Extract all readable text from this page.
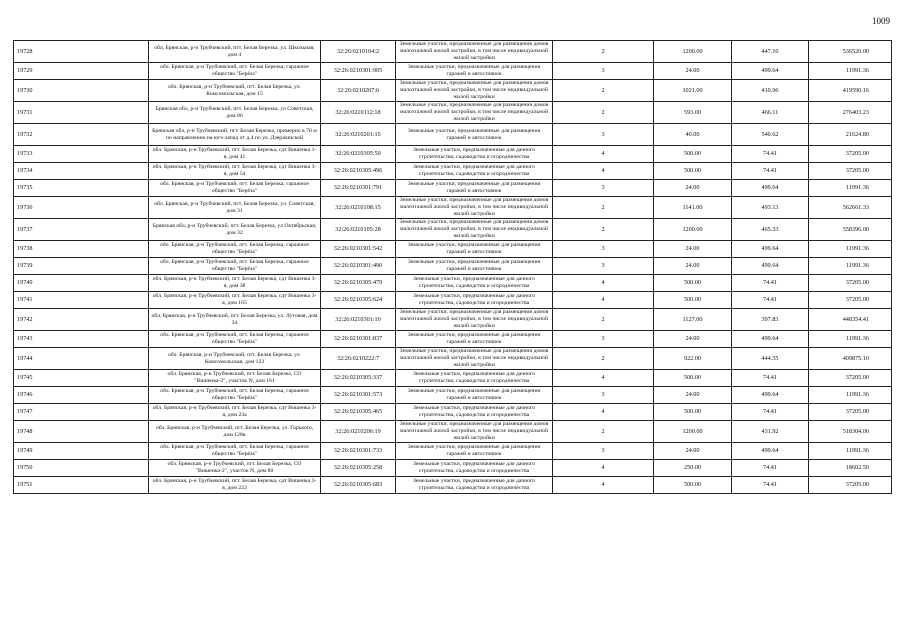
1009
19728	обл. Брянская, р-н Трубчевский, пгт. Белая Березка, ул. Школьная, дом 4	32:26:0210104:2	Земельные участки, предназначенные для размещения домов малоэтажной жилой застройки, в том числе индивидуальной жилой застройки	2	1200.00	447.10	536520.00
19729	обл. Брянская, р-н Трубчевский, пгт. Белая Березка, гаражное общество "Берёза"	32:26:0210301:905	Земельные участки, предназначенные для размещения гаражей и автостоянок	3	24.00	499.64	11991.36
19730	обл. Брянская, р-н Трубчевский, пгт. Белая Березка, ул. Комсомольская, дом 15	32:26:0210207:6	Земельные участки, предназначенные для размещения домов малоэтажной жилой застройки, в том числе индивидуальной жилой застройки	2	1021.00	410.96	419590.16
19731	Брянская обл, р-н Трубчевский, пгт. Белая Березка, ул Советская, дом 86	32:26:0210112:18	Земельные участки, предназначенные для размещения домов малоэтажной жилой застройки, в том числе индивидуальной жилой застройки	2	593.00	466.11	276403.23
19732	Брянская обл, р-н Трубчевский, пгт. Белая Березка, примерно в 70 м по направлению на юго-запад от д.4 по ул. Дзержинской	32:26:0210201:15	Земельные участки, предназначенные для размещения гаражей и автостоянок	3	40.00	540.62	21624.80
19733	обл. Брянская, р-н Трубчевский, пгт. Белая Березка, сдт Вишенка 1-я, дом 41	32:26:0210305:50	Земельные участки, предназначенные для дачного строительства, садоводства и огородничества	4	500.00	74.41	37205.00
19734	обл. Брянская, р-н Трубчевский, пгт. Белая Березка, сдт Вишенка 3-я, дом 54	32:26:0210305:496	Земельные участки, предназначенные для дачного строительства, садоводства и огородничества	4	500.00	74.41	37205.00
19735	обл. Брянская, р-н Трубчевский, пгт. Белая Березка, гаражное общество "Берёза"	32:26:0210301:791	Земельные участки, предназначенные для размещения гаражей и автостоянок	3	24.00	499.64	11991.36
19736	обл. Брянская, р-н Трубчевский, пгт. Белая Березка, ул. Советская, дом 31	32:26:0210108:15	Земельные участки, предназначенные для размещения домов малоэтажной жилой застройки, в том числе индивидуальной жилой застройки	2	1141.00	493.13	562661.33
19737	Брянская обл, р-н Трубчевский, пгт. Белая Березка, ул Октябрьская, дом 32	32:26:0210105:28	Земельные участки, предназначенные для размещения домов малоэтажной жилой застройки, в том числе индивидуальной жилой застройки	2	1200.00	465.33	558396.00
19738	обл. Брянская, р-н Трубчевский, пгт. Белая Березка, гаражное общество "Берёза"	32:26:0210301:542	Земельные участки, предназначенные для размещения гаражей и автостоянок	3	24.00	499.64	11991.36
19739	обл. Брянская, р-н Трубчевский, пгт. Белая Березка, гаражное общество "Берёза"	32:26:0210301:490	Земельные участки, предназначенные для размещения гаражей и автостоянок	3	24.00	499.64	11991.36
19740	обл. Брянская, р-н Трубчевский, пгт. Белая Березка, сдт Вишенка 3-я, дом 38	32:26:0210305:479	Земельные участки, предназначенные для дачного строительства, садоводства и огородничества	4	500.00	74.41	37205.00
19741	обл. Брянская, р-н Трубчевский, пгт. Белая Березка, сдт Вишенка 3-я, дом 165	32:26:0210305:624	Земельные участки, предназначенные для дачного строительства, садоводства и огородничества	4	500.00	74.41	37205.00
19742	обл. Брянская, р-н Трубчевский, пгт. Белая Березка, ул. Лутовая, дом 34	32:26:0210301:10	Земельные участки, предназначенные для размещения домов малоэтажной жилой застройки, в том числе индивидуальной жилой застройки	2	1127.00	397.83	448354.41
19743	обл. Брянская, р-н Трубчевский, пгт. Белая Березка, гаражное общество "Берёза"	32:26:0210301:837	Земельные участки, предназначенные для размещения гаражей и автостоянок	3	24.00	499.64	11991.36
19744	обл. Брянская, р-н Трубчевский, пгт. Белая Березка, ул. Комсомольская, дом 123	32:26:0210222:7	Земельные участки, предназначенные для размещения домов малоэтажной жилой застройки, в том числе индивидуальной жилой застройки	2	922.00	444.55	409875.10
19745	обл. Брянская, р-н Трубчевский, пгт. Белая Березка, СО "Вишенка-2", участок N, дом 161	32:26:0210305:337	Земельные участки, предназначенные для дачного строительства, садоводства и огородничества	4	500.00	74.41	37205.00
19746	обл. Брянская, р-н Трубчевский, пгт. Белая Березка, гаражное общество "Берёза"	32:26:0210301:573	Земельные участки, предназначенные для размещения гаражей и автостоянок	3	24.00	499.64	11991.36
19747	обл. Брянская, р-н Трубчевский, пгт. Белая Березка, сдт Вишенка 3-я, дом 23а	32:26:0210305:465	Земельные участки, предназначенные для дачного строительства, садоводства и огородничества	4	500.00	74.41	37205.00
19748	обл. Брянская, р-н Трубчевский, пгт. Белая Березка, ул. Горького, дом 128в	32:26:0210206:19	Земельные участки, предназначенные для размещения домов малоэтажной жилой застройки, в том числе индивидуальной жилой застройки	2	1200.00	431.92	518304.00
19749	обл. Брянская, р-н Трубчевский, пгт. Белая Березка, гаражное общество "Берёза"	32:26:0210301:733	Земельные участки, предназначенные для размещения гаражей и автостоянок	3	24.00	499.64	11991.36
19750	обл. Брянская, р-н Трубчевский, пгт. Белая Березка, СО "Вишенка-2", участок N, дом 80	32:26:0210305:258	Земельные участки, предназначенные для дачного строительства, садоводства и огородничества	4	250.00	74.41	18602.50
19751	обл. Брянская, р-н Трубчевский, пгт. Белая Березка, сдт Вишенка 3-я, дом 222	32:26:0210305:683	Земельные участки, предназначенные для дачного строительства, садоводства и огородничества	4	500.00	74.41	37205.00
